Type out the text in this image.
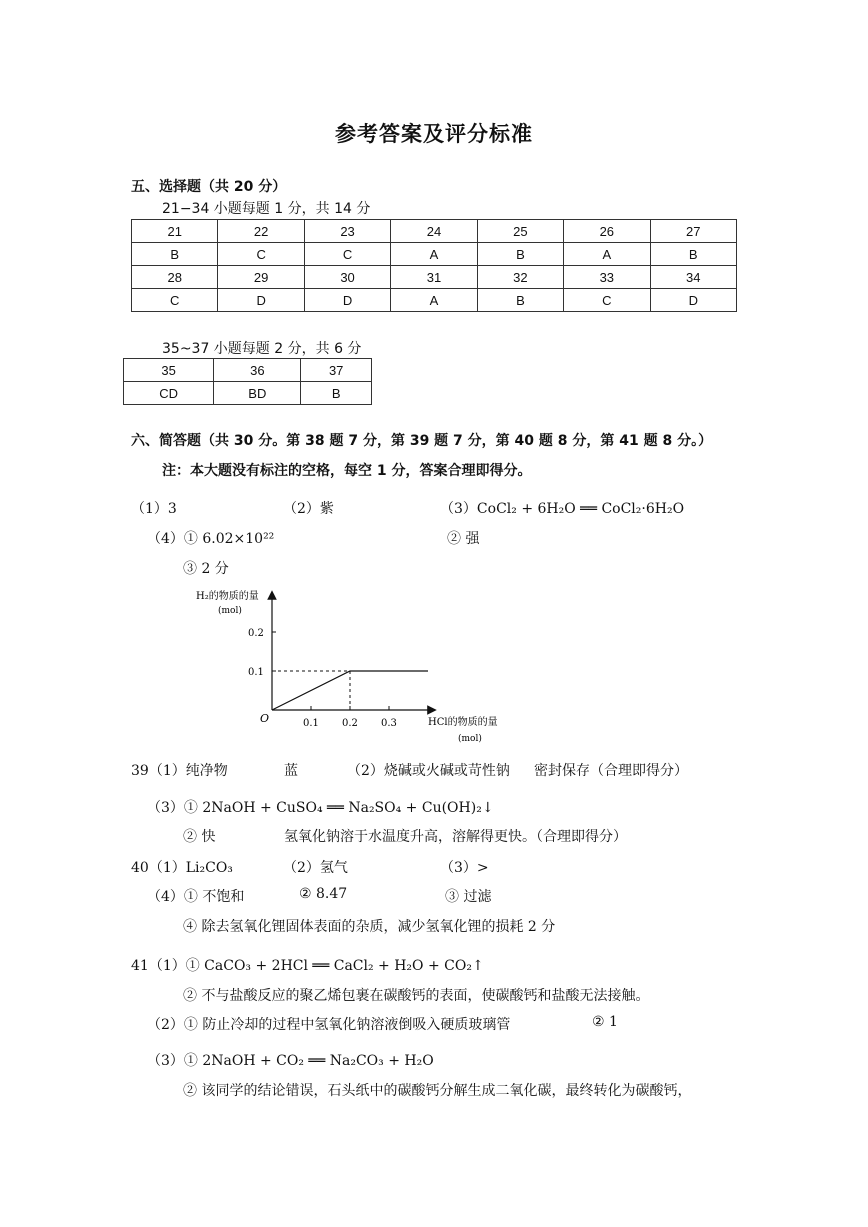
参考答案及评分标准
五、选择题（共 20 分）
21−34 小题每题 1 分，共 14 分
21	22	23	24	25	26	27
B	C	C	A	B	A	B
28	29	30	31	32	33	34
C	D	D	A	B	C	D
35~37 小题每题 2 分，共 6 分
35	36	37
CD	BD	B
六、简答题（共 30 分。第 38 题 7 分，第 39 题 7 分，第 40 题 8 分，第 41 题 8 分。）
注：本大题没有标注的空格，每空 1 分，答案合理即得分。
（1）3	（2）紫	（3）CoCl₂ + 6H₂O ══ CoCl₂·6H₂O
（4）① 6.02×10²²	② 强
③ 2 分
H₂的物质的量
(mol)
HCl的物质的量
(mol)
O	0.1 0.2 0.3
0.1
0.2
39（1）纯净物	蓝	（2）烧碱或火碱或苛性钠 密封保存（合理即得分）
（3）① 2NaOH + CuSO₄ ══ Na₂SO₄ + Cu(OH)₂↓
② 快	氢氧化钠溶于水温度升高，溶解得更快。（合理即得分）
40（1）Li₂CO₃	（2）氢气	（3）>
（4）① 不饱和	② 8.47	③ 过滤
④ 除去氢氧化锂固体表面的杂质，减少氢氧化锂的损耗 2 分
41（1）① CaCO₃ + 2HCl ══ CaCl₂ + H₂O + CO₂↑
② 不与盐酸反应的聚乙烯包裹在碳酸钙的表面，使碳酸钙和盐酸无法接触。
（2）① 防止冷却的过程中氢氧化钠溶液倒吸入硬质玻璃管	② 1
（3）① 2NaOH + CO₂ ══ Na₂CO₃ + H₂O
② 该同学的结论错误，石头纸中的碳酸钙分解生成二氧化碳，最终转化为碳酸钙，
